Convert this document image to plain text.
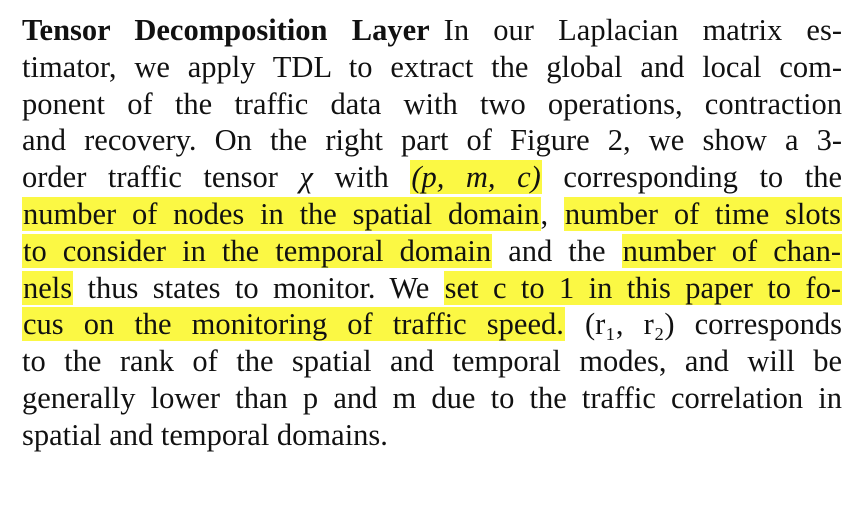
Tensor Decomposition Layer In our Laplacian matrix es-
timator, we apply TDL to extract the global and local com-
ponent of the traffic data with two operations, contraction
and recovery. On the right part of Figure 2, we show a 3-
order traffic tensor χ with (p, m, c) corresponding to the
number of nodes in the spatial domain, number of time slots
to consider in the temporal domain and the number of chan-
nels thus states to monitor. We set c to 1 in this paper to fo-
cus on the monitoring of traffic speed. (r₁, r₂) corresponds
to the rank of the spatial and temporal modes, and will be
generally lower than p and m due to the traffic correlation in
spatial and temporal domains.
